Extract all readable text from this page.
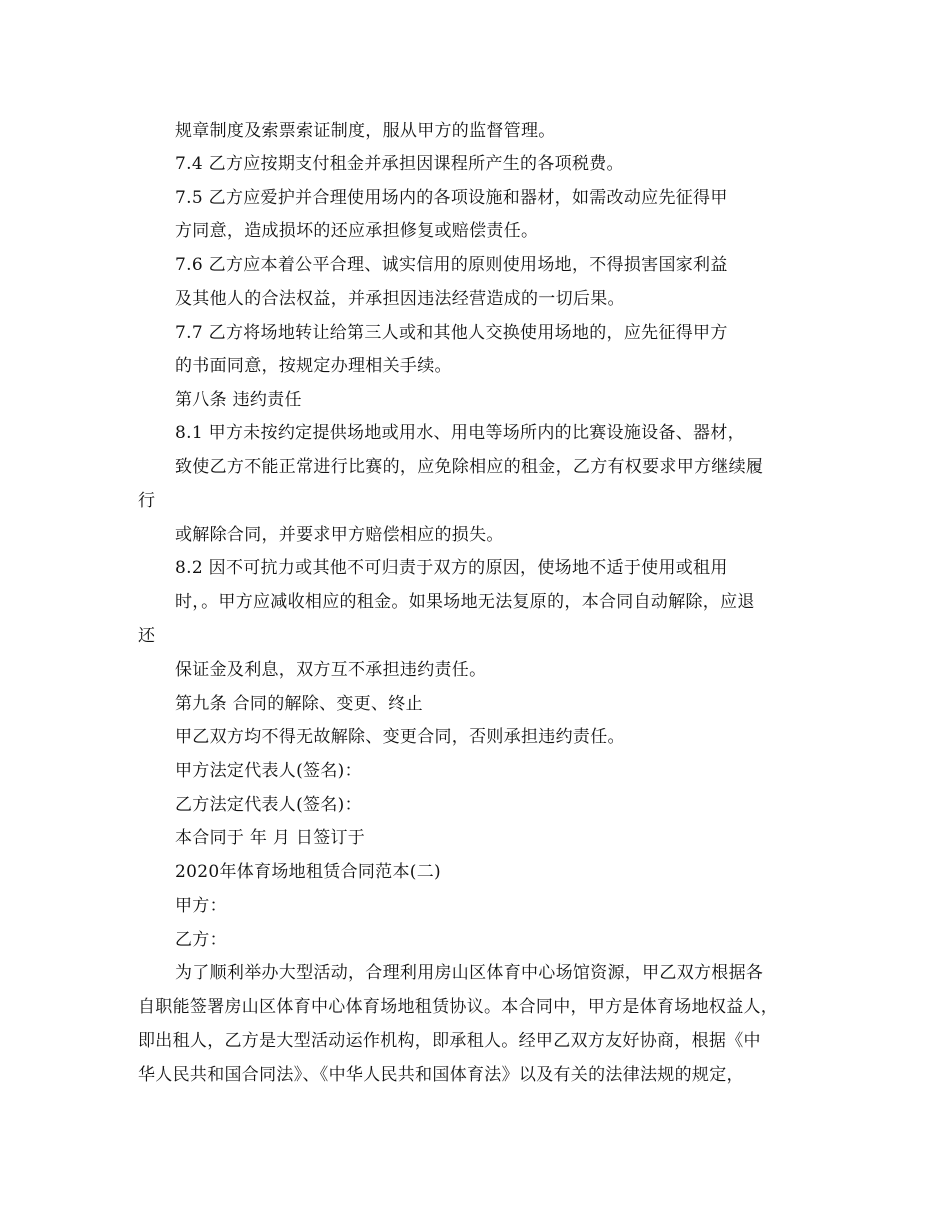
规章制度及索票索证制度，服从甲方的监督管理。
7.4 乙方应按期支付租金并承担因课程所产生的各项税费。
7.5 乙方应爱护并合理使用场内的各项设施和器材，如需改动应先征得甲
方同意，造成损坏的还应承担修复或赔偿责任。
7.6 乙方应本着公平合理、诚实信用的原则使用场地，不得损害国家利益
及其他人的合法权益，并承担因违法经营造成的一切后果。
7.7 乙方将场地转让给第三人或和其他人交换使用场地的，应先征得甲方
的书面同意，按规定办理相关手续。
第八条 违约责任
8.1 甲方未按约定提供场地或用水、用电等场所内的比赛设施设备、器材，
致使乙方不能正常进行比赛的，应免除相应的租金，乙方有权要求甲方继续履
行
或解除合同，并要求甲方赔偿相应的损失。
8.2 因不可抗力或其他不可归责于双方的原因，使场地不适于使用或租用
时，。甲方应减收相应的租金。如果场地无法复原的，本合同自动解除，应退
还
保证金及利息，双方互不承担违约责任。
第九条 合同的解除、变更、终止
甲乙双方均不得无故解除、变更合同，否则承担违约责任。
甲方法定代表人(签名)：
乙方法定代表人(签名)：
本合同于 年 月 日签订于
2020年体育场地租赁合同范本(二)
甲方：
乙方：
为了顺利举办大型活动，合理利用房山区体育中心场馆资源，甲乙双方根据各
自职能签署房山区体育中心体育场地租赁协议。本合同中，甲方是体育场地权益人，
即出租人，乙方是大型活动运作机构，即承租人。经甲乙双方友好协商，根据《中
华人民共和国合同法》、《中华人民共和国体育法》以及有关的法律法规的规定，
